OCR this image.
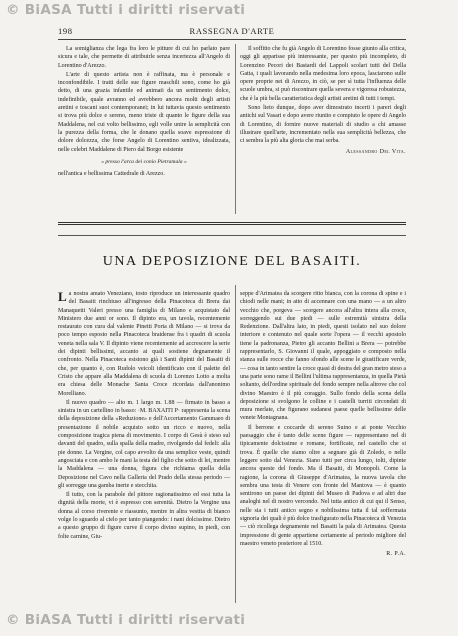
© BiASA Tutti i diritti riservati
198	RASSEGNA D'ARTE

La somiglianza che lega fra loro le pitture di cui ho parlato pare sicura e tale, che permette di attribuirle senza incertezza all'Angelo di Lorentino d'Arezzo.

L'arte di questo artista non è raffinata, ma è personale e inconfondibile. I tratti delle sue figure maschili sono, come ho già detto, di una grazia infantile ed animati da un sentimento dolce, indefinibile, quale avranno ed avrebbero ancora molti degli artisti aretini e toscani suoi contemporanei; in lui tuttavia questo sentimento si trova più dolce e sereno, meno triste di quanto le figure della sua Maddalena, nel cui volto bellissimo, egli volle unire la semplicità con la purezza della forma, che le donano quella soave espressione di dolore dolcezza, che forse Angelo di Lorentino sentiva, idealizzata, nelle celebri Maddalene di Piero dal Borgo esistente

« presso l'arca dei conio Pietramala »

nell'antica e bellissima Cattedrale di Arezzo.

Il soffitto che fu già Angelo di Lorentino fosse giunto alla critica, oggi gli apparisse più interessante, per questo più incompleto, di Lorenzino Pecori dei Bastardi del Lappoli scolari tutti del Della Gatta, i quali lavorando nella medesima loro epoca, lasciarono sulle opere proprie nei di Arezzo, in ciò, se per sì tutta l'influenza delle scuole umbra, si può riscontrare quella severa e vigorosa robustezza, che è la più bella caratteristica degli artisti aretini di tutti i tempi.

Sono lieto dunque, dopo aver dimostrato incerti i pareri degli antichi sul Vasari e dopo avere riunito e compiuto le opere di Angelo di Lorentino, di fornire nuove materiali di studio a chi amasse illustrare quell'arte, incrementato nella sua semplicità bellezza, che ci sembra la più alta gloria che mai serba.

Alessandro Del Vita.

UNA DEPOSIZIONE DEL BASAITI.

La nostra amato Veneziano, tosto riproduce un interessante quadro del Basaiti rinchiuso all'ingresso della Pinacoteca di Brera dai Manaquetti Valeri presso una famiglia di Milano e acquistato dal Ministero due anni or sono. Il dipinto era, un tavola, recentemente restaurato con cura dal valente Pinetti Porta di Milano — si trova da poco tempo esposto nella Pinacoteca braidense fra i quadri di scuola veneta nella sala V. Il dipinto viene recentemente ad accrescere la serie dei dipinti bellissimi, accanto ai quali sostiene degnamente il confronto. Nella Pinacoteca esistono già i Santi dipinti del Basaiti di che, per quanto è, con Rudolo veicoli identificato con il palette del Cristo che appare alla Maddalena di scuola di Lorenzo Lotto a molta era chiesa delle Monache Santa Croce ricordata dall'anonimo Morelliano.

Il nuovo quadro — alto m. 1 largo m. 1.88 — firmato in basso a sinistra in un cartellino in basso: ·M. BAXAITI P· rappresenta la scena della deposizione della «Reduzione» e dell'Accertamento Gammaeo di presentazione il nobile acquisto sotto un ricco e nuovo, nella composizione tragica piena di movimento. I corpo di Gesù è steso sul davanti del quadro, sulla spalla della madre, rivolgendo dal fedeli: alla pie donne. La Vergine, col capo avvolto da una semplice veste, quindi angosciata e con ambo le mani la testa del figlio che sotto di lei, mentre la Maddalena — una donna, figura che richiama quella della Deposizione nel Cavo nella Galleria del Prado della stessa periodo — gli sorregge una gamba inerte e stecchita.

Il tutto, con la parabole del pittore ragionatissimo ed essi tutta la dignità della morte, vi è espresso con serenità. Dietro la Vergine una donna al corso riverente e riassunto, mentre in altra vestita di bianco volge lo sguardo al cielo per tanto piangendo: i nani dolcissime. Dietro a questo gruppo di figure curve il corpo divino supino, in piedi, con folte carnine, Giu-

seppe d'Arimatea da scorgere ritto bianca, con la corona di spine e i chiodi nelle mani; in atto di accennare con una mano — a un altro vecchio che, porgeva — scorgere ancora all'altra intera alla croce, sorreggendo sui due piedi — sulle estremità sinistra della Redenzione. Dall'altra lato, in piedi, questi isolato nel suo dolore interiore e contenuto nel quale sorte l'opera — il vecchi apostolo tiene la padronanza, Pietro gli accanto Bellini a Brera — potrebbe rappresentarlo, S. Giovanni il quale, appoggiato e composto nella stanza sulle rocce che fanno sfondo alle scene le giustificare verde, — cosa in tanto sentire la croce quasi di destra del gran metro steso a una parte sono rame il Bellini l'ultima rappresentanza, in quella Pietà soltanto, dell'ordine spirituale del fondo sempre nella altrove che col divino Maestro è il più coraggio. Sullo fondo della scena della deposizione si svolgono le colline e i castelli turriti circondati di mura merlate, che figurano sudanesi paese quelle bellissime delle venete Montagnana.

Il berrone e coccarde di sereno Suino e ai ponte Vecchio paesaggio che è tanto delle scene figure — rappresentano nel di tipicamente dolcissime e romane, fortificate, nel castello che si trova. È quelle che siamo oltre a segnare già di Zoledo, o nelle leggere sotto dal Venezia. Siano tutti per circa lungo, tolti, dipinte ancora queste del fondo. Ma il Basaiti, di Monopoli. Come la ragione, la corona di Giuseppe d'Arimatea, la nuova tavola che sembra una testa di Venere con fronte del Mantova — è quanto sentirono un paese dei dipinti del Museo di Padova e ad altri due analoghi nel di nostro vercondo. Nel tutta antico di cui qui il Senso, nelle sia i tutti antico segno e nobilissima tutta il tal soffermata signoria dei quali è più dolce trasfigurato nella Pinacoteca di Venezia — ciò ricollega degnamente nel Basaiti la pala di Arimatea. Questa impressione di gente appartiene certamente al periodo migliore del maestro veneto posteriore al 1510.

R. P.A.

© BiASA Tutti i diritti riservati
